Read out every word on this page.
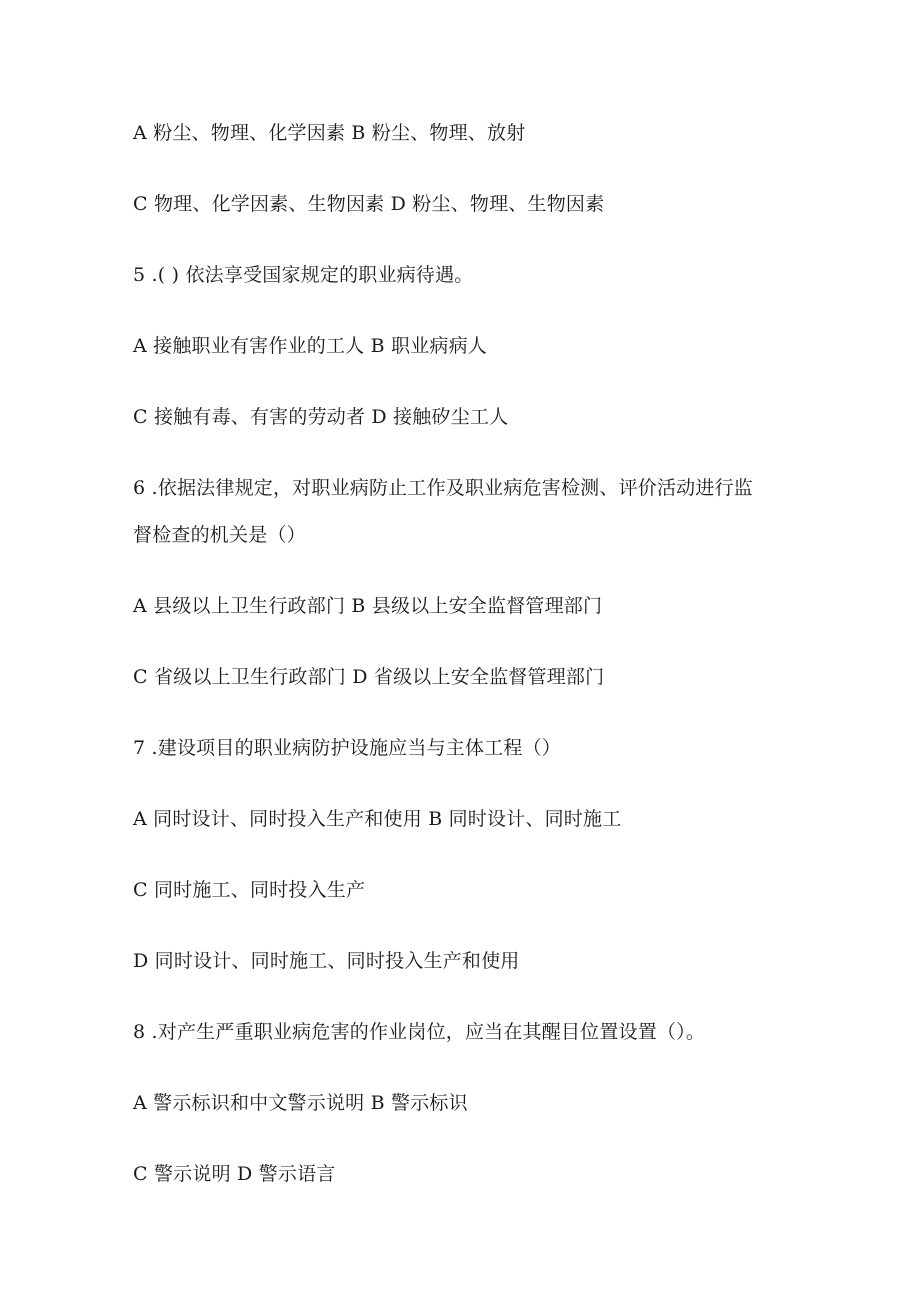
A 粉尘、物理、化学因素 B 粉尘、物理、放射
C 物理、化学因素、生物因素 D 粉尘、物理、生物因素
5 .( ) 依法享受国家规定的职业病待遇。
A 接触职业有害作业的工人 B 职业病病人
C 接触有毒、有害的劳动者 D 接触矽尘工人
6 .依据法律规定，对职业病防止工作及职业病危害检测、评价活动进行监
督检查的机关是（）
A 县级以上卫生行政部门 B 县级以上安全监督管理部门
C 省级以上卫生行政部门 D 省级以上安全监督管理部门
7 .建设项目的职业病防护设施应当与主体工程（）
A 同时设计、同时投入生产和使用 B 同时设计、同时施工
C 同时施工、同时投入生产
D 同时设计、同时施工、同时投入生产和使用
8 .对产生严重职业病危害的作业岗位，应当在其醒目位置设置（）。
A 警示标识和中文警示说明 B 警示标识
C 警示说明 D 警示语言
